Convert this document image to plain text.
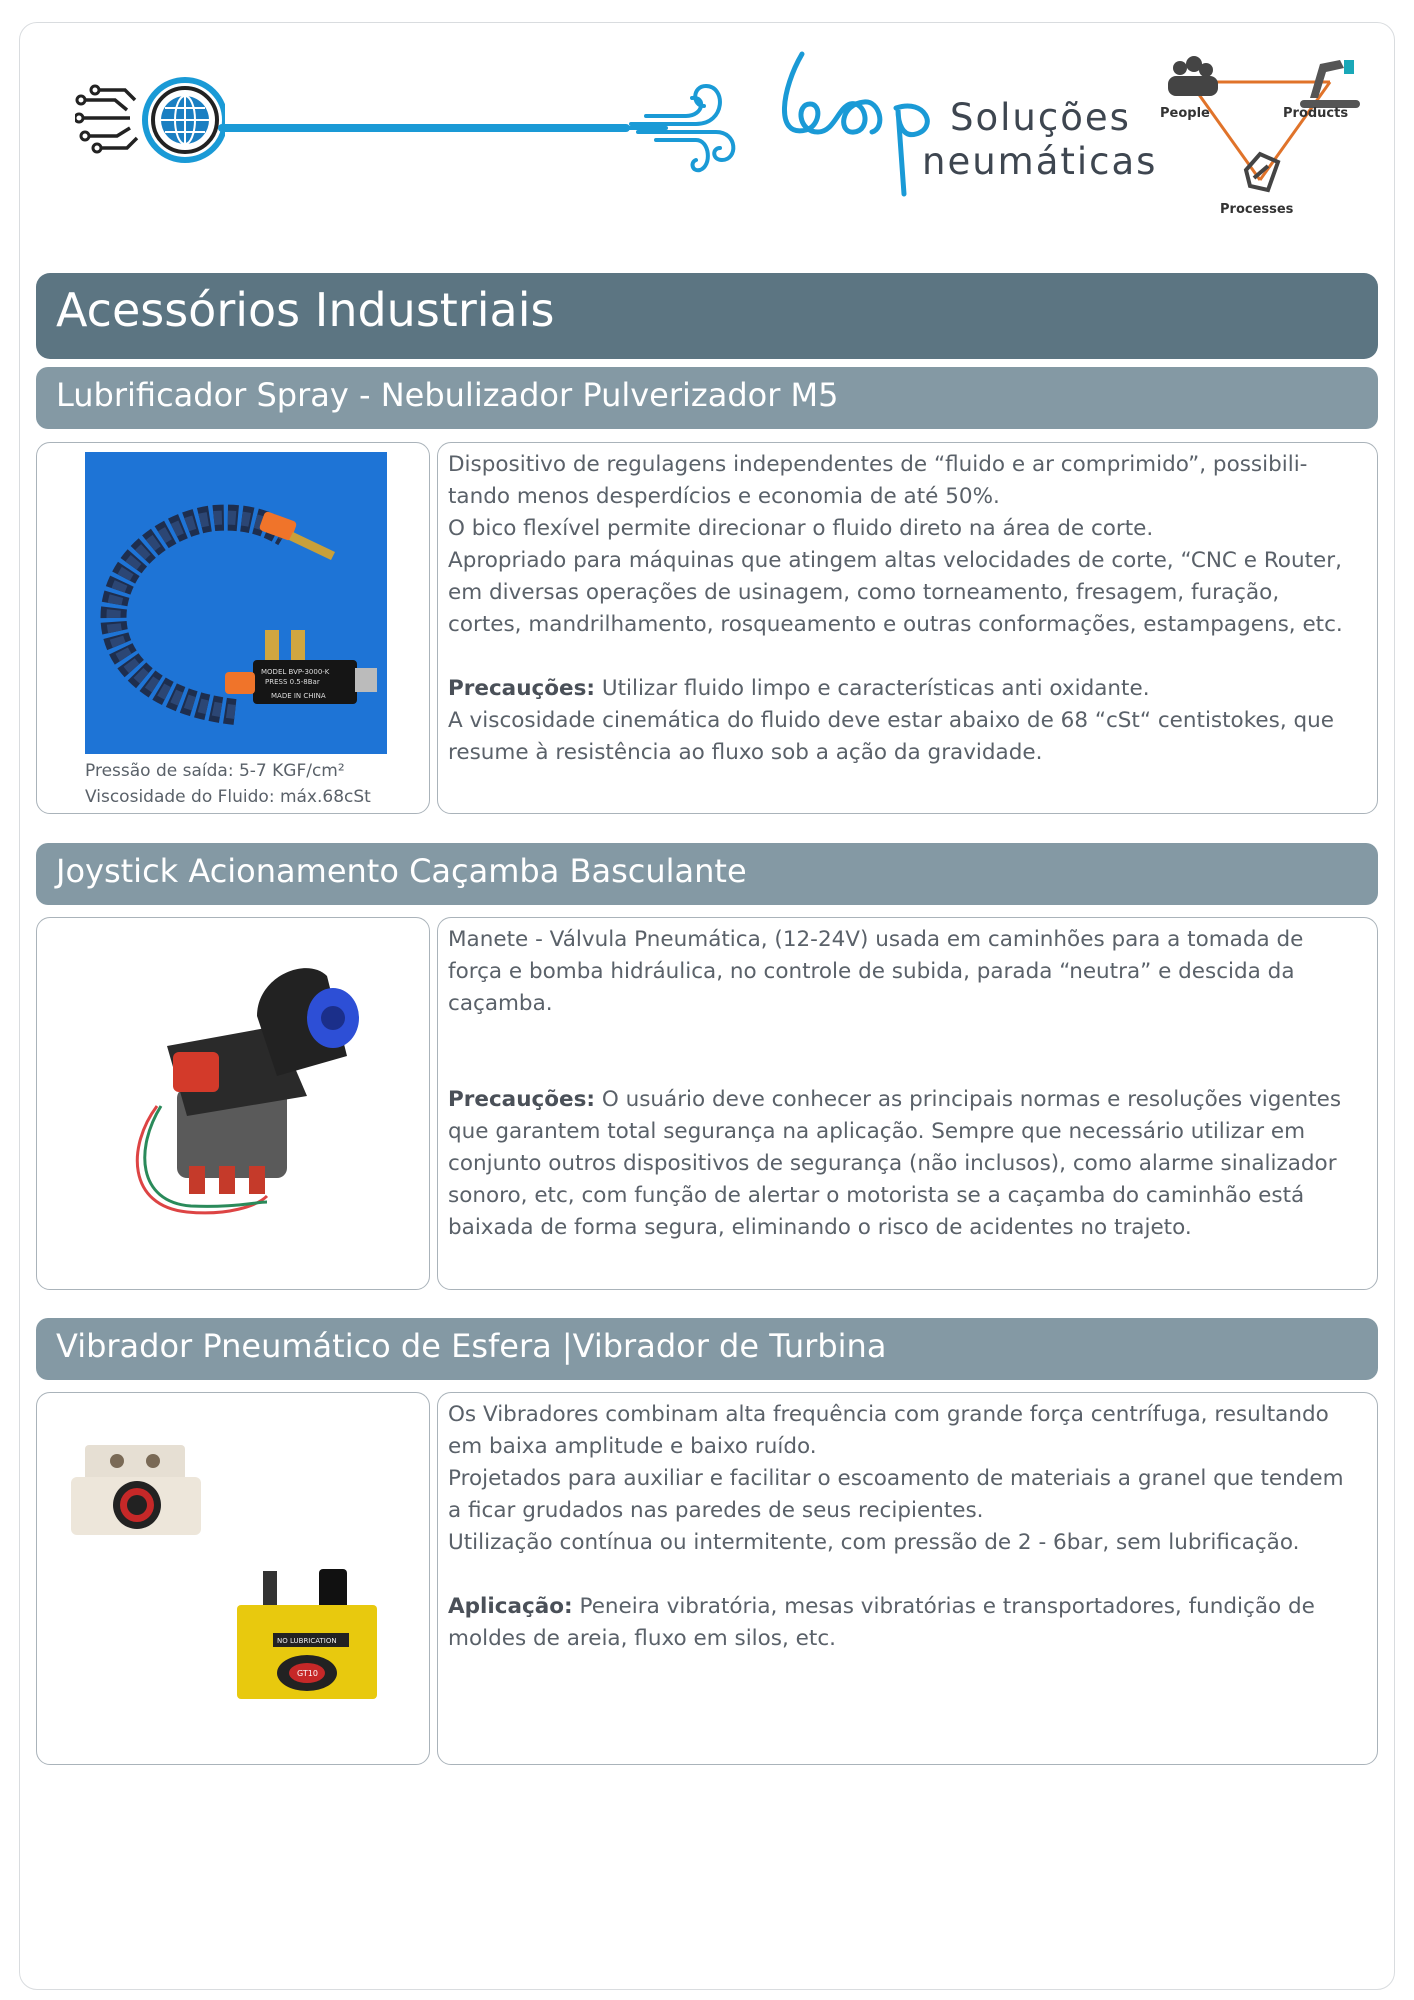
Soluções
neumáticas
People	Products
Processes
Acessórios Industriais
Lubrificador Spray - Nebulizador Pulverizador M5
MODEL BVP-3000-K
PRESS 0.5-8Bar
MADE IN CHINA
Pressão de saída: 5-7 KGF/cm²
Viscosidade do Fluido: máx.68cSt

Dispositivo de regulagens independentes de “fluido e ar comprimido”, possibili-

tando menos desperdícios e economia de até 50%.

O bico flexível permite direcionar o fluido direto na área de corte.

Apropriado para máquinas que atingem altas velocidades de corte, “CNC e Router,

em diversas operações de usinagem, como torneamento, fresagem, furação,

cortes, mandrilhamento, rosqueamento e outras conformações, estampagens, etc.

Precauções: Utilizar fluido limpo e características anti oxidante.

A viscosidade cinemática do fluido deve estar abaixo de 68 “cSt“ centistokes, que

resume à resistência ao fluxo sob a ação da gravidade.

Joystick Acionamento Caçamba Basculante

Manete - Válvula Pneumática, (12-24V) usada em caminhões para a tomada de

força e bomba hidráulica, no controle de subida, parada “neutra” e descida da

caçamba.

Precauções: O usuário deve conhecer as principais normas e resoluções vigentes

que garantem total segurança na aplicação. Sempre que necessário utilizar em

conjunto outros dispositivos de segurança (não inclusos), como alarme sinalizador

sonoro, etc, com função de alertar o motorista se a caçamba do caminhão está

baixada de forma segura, eliminando o risco de acidentes no trajeto.

Vibrador Pneumático de Esfera |Vibrador de Turbina
NO LUBRICATION
GT10

Os Vibradores combinam alta frequência com grande força centrífuga, resultando

em baixa amplitude e baixo ruído.

Projetados para auxiliar e facilitar o escoamento de materiais a granel que tendem

a ficar grudados nas paredes de seus recipientes.

Utilização contínua ou intermitente, com pressão de 2 - 6bar, sem lubrificação.

Aplicação: Peneira vibratória, mesas vibratórias e transportadores, fundição de

moldes de areia, fluxo em silos, etc.
